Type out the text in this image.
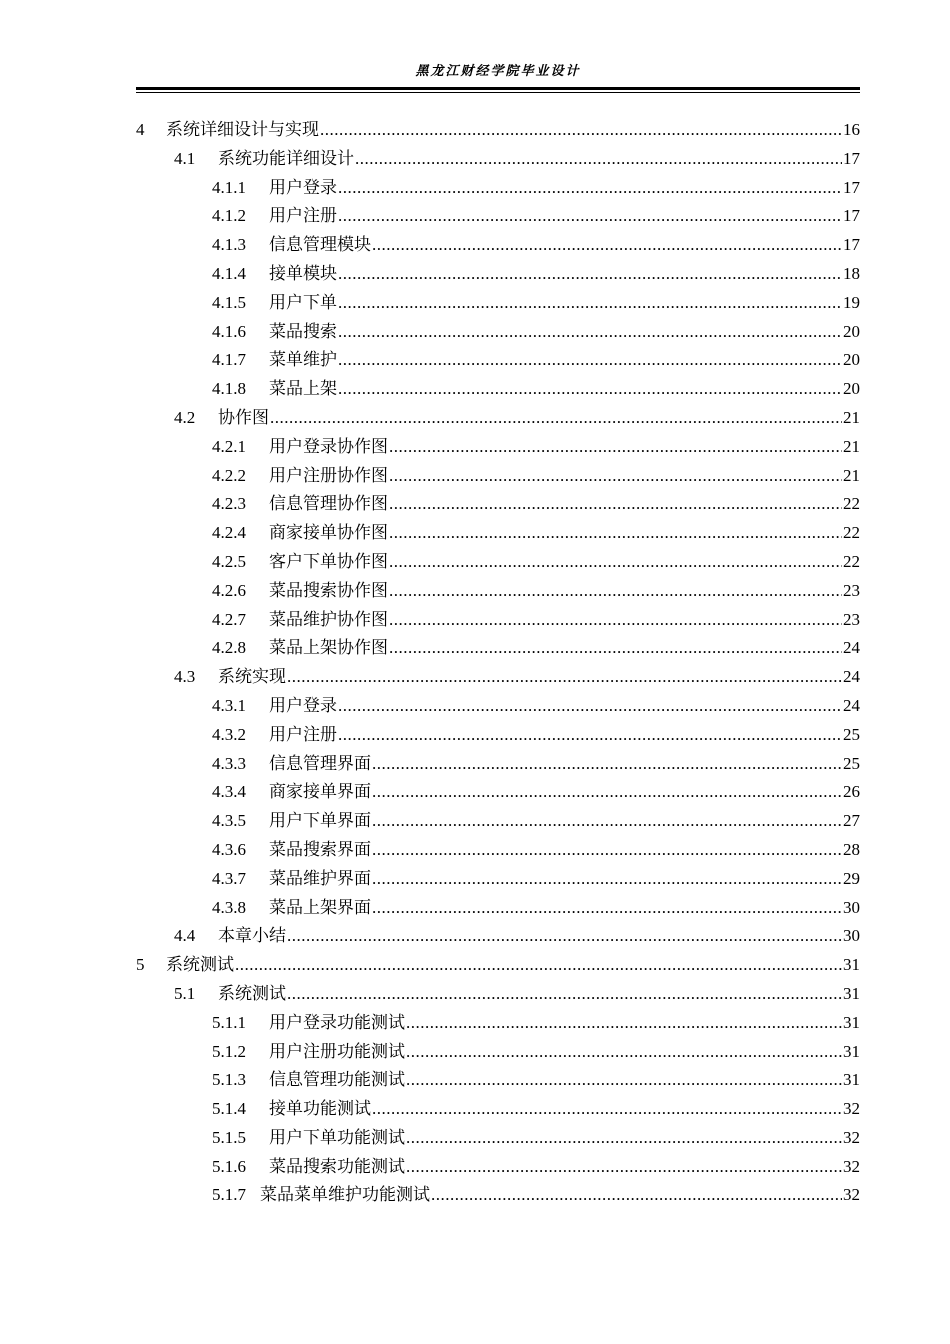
黑龙江财经学院毕业设计
4	系统详细设计与实现 .....	16
4.1	系统功能详细设计 .....	17
4.1.1	用户登录 .....	17
4.1.2	用户注册 .....	17
4.1.3	信息管理模块 .....	17
4.1.4	接单模块 .....	18
4.1.5	用户下单 .....	19
4.1.6	菜品搜索 .....	20
4.1.7	菜单维护 .....	20
4.1.8	菜品上架 .....	20
4.2	协作图 .....	21
4.2.1	用户登录协作图 .....	21
4.2.2	用户注册协作图 .....	21
4.2.3	信息管理协作图 .....	22
4.2.4	商家接单协作图 .....	22
4.2.5	客户下单协作图 .....	22
4.2.6	菜品搜索协作图 .....	23
4.2.7	菜品维护协作图 .....	23
4.2.8	菜品上架协作图 .....	24
4.3	系统实现 .....	24
4.3.1	用户登录 .....	24
4.3.2	用户注册 .....	25
4.3.3	信息管理界面 .....	25
4.3.4	商家接单界面 .....	26
4.3.5	用户下单界面 .....	27
4.3.6	菜品搜索界面 .....	28
4.3.7	菜品维护界面 .....	29
4.3.8	菜品上架界面 .....	30
4.4	本章小结 .....	30
5	系统测试 .....	31
5.1	系统测试 .....	31
5.1.1	用户登录功能测试 .....	31
5.1.2	用户注册功能测试 .....	31
5.1.3	信息管理功能测试 .....	31
5.1.4	接单功能测试 .....	32
5.1.5	用户下单功能测试 .....	32
5.1.6	菜品搜索功能测试 .....	32
5.1.7 菜品菜单维护功能测试 .....	32
